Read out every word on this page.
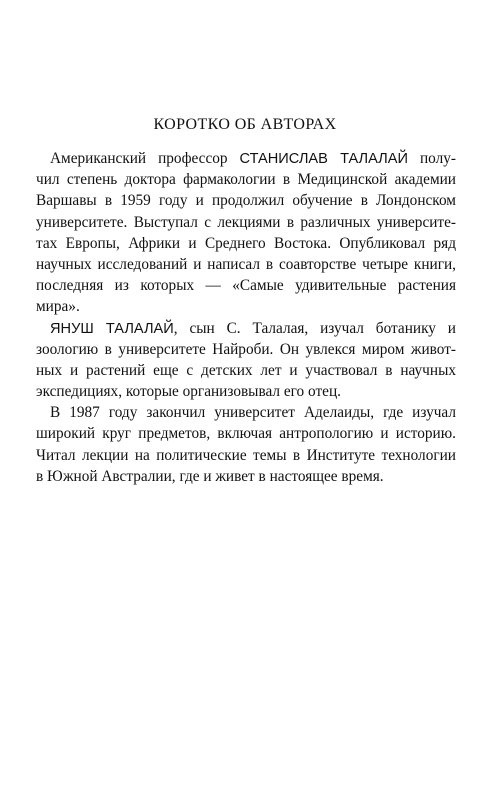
КОРОТКО ОБ АВТОРАХ
Американский профессор СТАНИСЛАВ ТАЛАЛАЙ полу-
чил степень доктора фармакологии в Медицинской академии
Варшавы в 1959 году и продолжил обучение в Лондонском
университете. Выступал с лекциями в различных университе-
тах Европы, Африки и Среднего Востока. Опубликовал ряд
научных исследований и написал в соавторстве четыре книги,
последняя из которых — «Самые удивительные растения
мира».
ЯНУШ ТАЛАЛАЙ, сын С. Талалая, изучал ботанику и
зоологию в университете Найроби. Он увлекся миром живот-
ных и растений еще с детских лет и участвовал в научных
экспедициях, которые организовывал его отец.
В 1987 году закончил университет Аделаиды, где изучал
широкий круг предметов, включая антропологию и историю.
Читал лекции на политические темы в Институте технологии
в Южной Австралии, где и живет в настоящее время.
